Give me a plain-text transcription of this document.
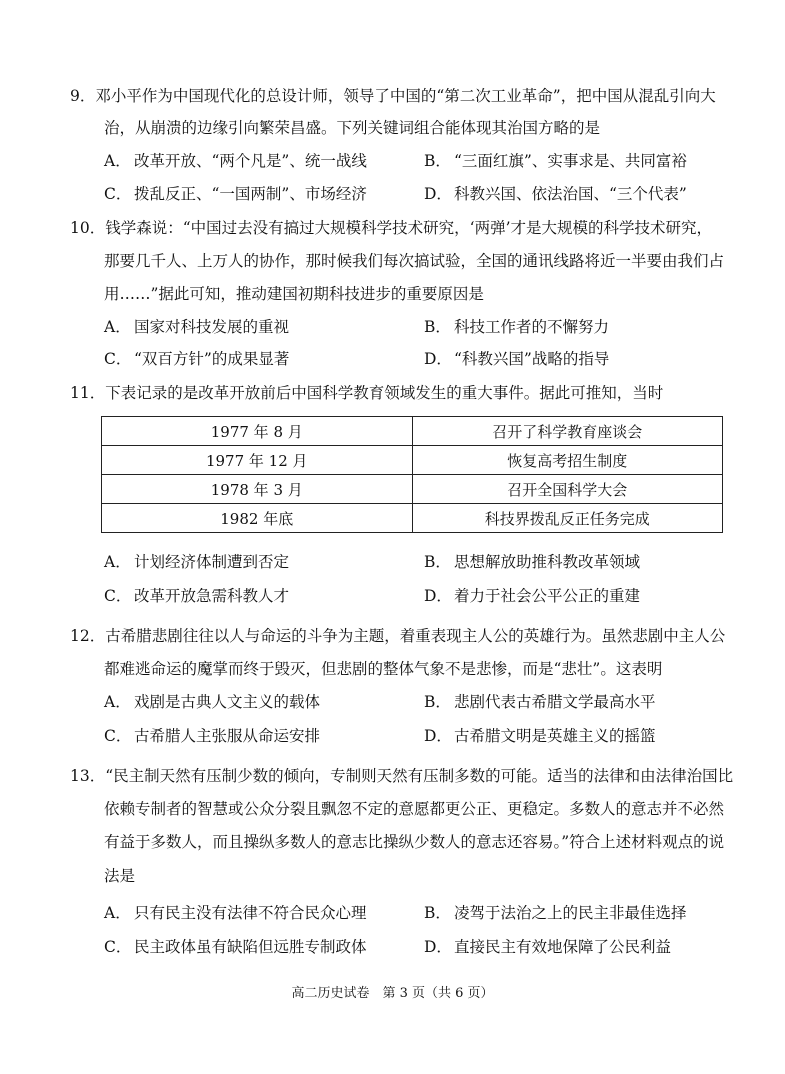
9．邓小平作为中国现代化的总设计师，领导了中国的“第二次工业革命”，把中国从混乱引向大
治，从崩溃的边缘引向繁荣昌盛。下列关键词组合能体现其治国方略的是
A． 改革开放、“两个凡是”、统一战线	B． “三面红旗”、实事求是、共同富裕
C． 拨乱反正、“一国两制”、市场经济	D． 科教兴国、依法治国、“三个代表”
10．钱学森说：“中国过去没有搞过大规模科学技术研究，‘两弹’才是大规模的科学技术研究，
那要几千人、上万人的协作，那时候我们每次搞试验，全国的通讯线路将近一半要由我们占
用……”据此可知，推动建国初期科技进步的重要原因是
A． 国家对科技发展的重视	B． 科技工作者的不懈努力
C． “双百方针”的成果显著	D． “科教兴国”战略的指导
11．下表记录的是改革开放前后中国科学教育领域发生的重大事件。据此可推知，当时
1977 年 8 月	召开了科学教育座谈会
1977 年 12 月	恢复高考招生制度
1978 年 3 月	召开全国科学大会
1982 年底	科技界拨乱反正任务完成
A． 计划经济体制遭到否定	B． 思想解放助推科教改革领域
C． 改革开放急需科教人才	D． 着力于社会公平公正的重建
12．古希腊悲剧往往以人与命运的斗争为主题，着重表现主人公的英雄行为。虽然悲剧中主人公
都难逃命运的魔掌而终于毁灭，但悲剧的整体气象不是悲惨，而是“悲壮”。这表明
A． 戏剧是古典人文主义的载体	B． 悲剧代表古希腊文学最高水平
C． 古希腊人主张服从命运安排	D． 古希腊文明是英雄主义的摇篮
13．“民主制天然有压制少数的倾向，专制则天然有压制多数的可能。适当的法律和由法律治国比
依赖专制者的智慧或公众分裂且飘忽不定的意愿都更公正、更稳定。多数人的意志并不必然
有益于多数人，而且操纵多数人的意志比操纵少数人的意志还容易。”符合上述材料观点的说
法是
A． 只有民主没有法律不符合民众心理	B． 凌驾于法治之上的民主非最佳选择
C． 民主政体虽有缺陷但远胜专制政体	D． 直接民主有效地保障了公民利益
高二历史试卷　第 3 页（共 6 页）
